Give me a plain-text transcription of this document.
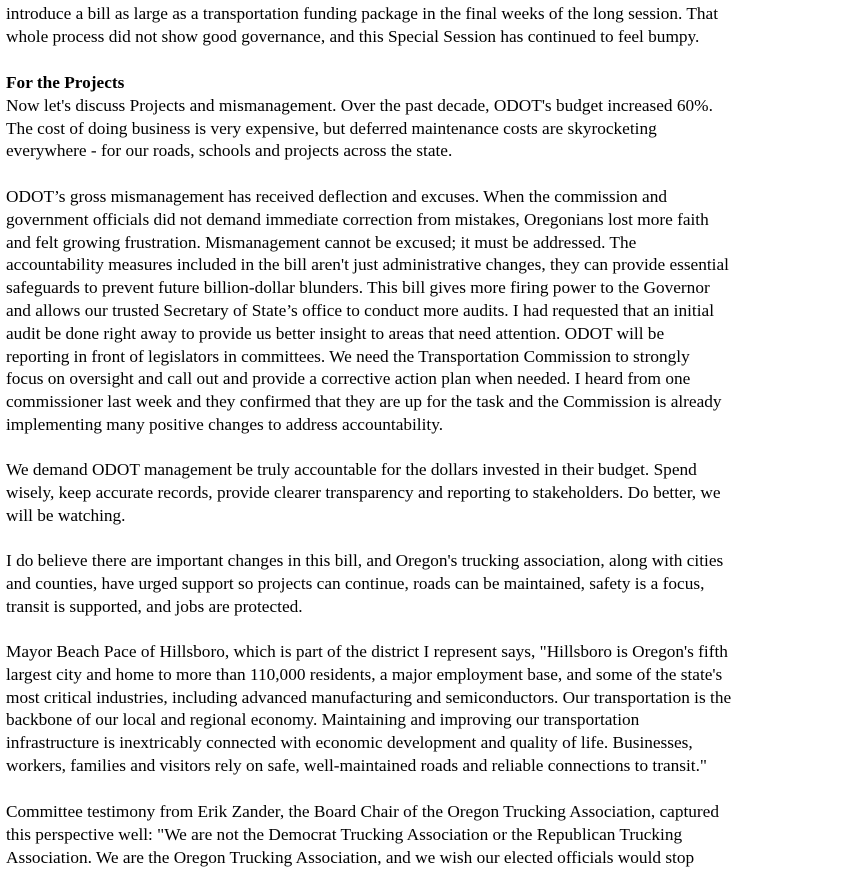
introduce a bill as large as a transportation funding package in the final weeks of the long session. That
whole process did not show good governance, and this Special Session has continued to feel bumpy.
For the Projects
Now let's discuss Projects and mismanagement. Over the past decade, ODOT's budget increased 60%.
The cost of doing business is very expensive, but deferred maintenance costs are skyrocketing
everywhere - for our roads, schools and projects across the state.
ODOT’s gross mismanagement has received deflection and excuses. When the commission and
government officials did not demand immediate correction from mistakes, Oregonians lost more faith
and felt growing frustration. Mismanagement cannot be excused; it must be addressed. The
accountability measures included in the bill aren't just administrative changes, they can provide essential
safeguards to prevent future billion-dollar blunders. This bill gives more firing power to the Governor
and allows our trusted Secretary of State’s office to conduct more audits. I had requested that an initial
audit be done right away to provide us better insight to areas that need attention. ODOT will be
reporting in front of legislators in committees. We need the Transportation Commission to strongly
focus on oversight and call out and provide a corrective action plan when needed. I heard from one
commissioner last week and they confirmed that they are up for the task and the Commission is already
implementing many positive changes to address accountability.
We demand ODOT management be truly accountable for the dollars invested in their budget. Spend
wisely, keep accurate records, provide clearer transparency and reporting to stakeholders. Do better, we
will be watching.
I do believe there are important changes in this bill, and Oregon's trucking association, along with cities
and counties, have urged support so projects can continue, roads can be maintained, safety is a focus,
transit is supported, and jobs are protected.
Mayor Beach Pace of Hillsboro, which is part of the district I represent says, "Hillsboro is Oregon's fifth
largest city and home to more than 110,000 residents, a major employment base, and some of the state's
most critical industries, including advanced manufacturing and semiconductors. Our transportation is the
backbone of our local and regional economy. Maintaining and improving our transportation
infrastructure is inextricably connected with economic development and quality of life. Businesses,
workers, families and visitors rely on safe, well-maintained roads and reliable connections to transit."
Committee testimony from Erik Zander, the Board Chair of the Oregon Trucking Association, captured
this perspective well: "We are not the Democrat Trucking Association or the Republican Trucking
Association. We are the Oregon Trucking Association, and we wish our elected officials would stop
